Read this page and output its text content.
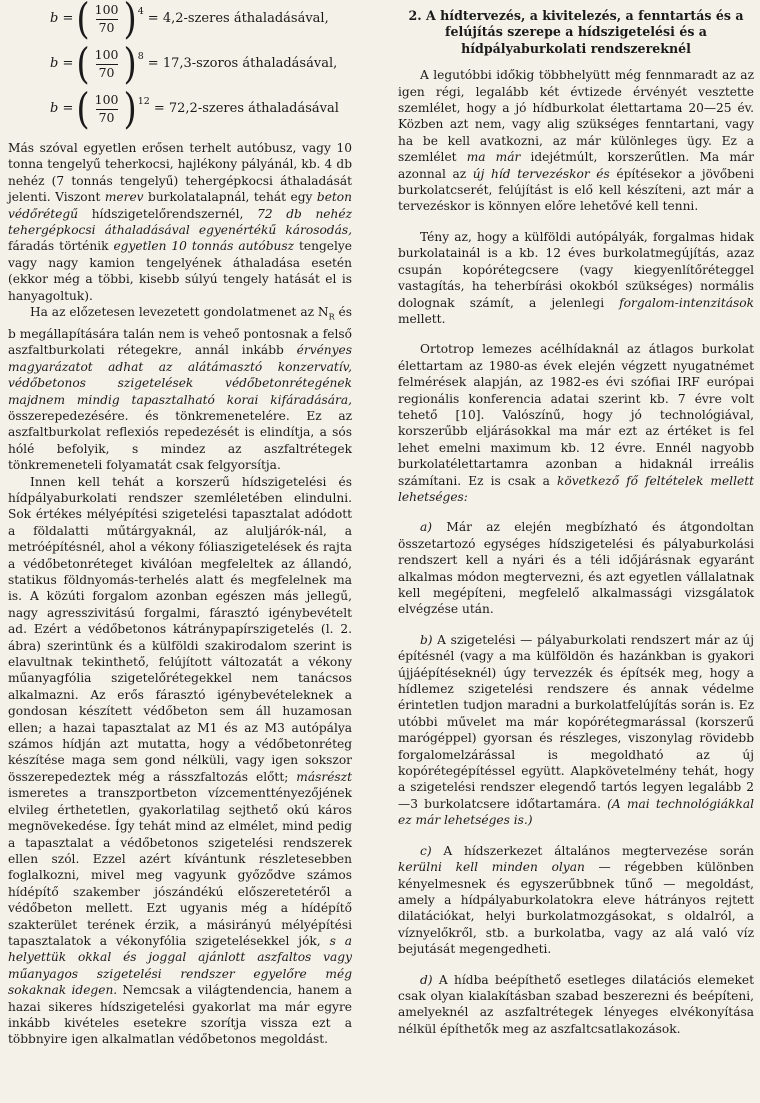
b = ( $\frac{100}{70}$ ) 4 = 4,2-szeres áthaladásával,
b = ( $\frac{100}{70}$ ) 8 = 17,3-szoros áthaladásával,
b = ( $\frac{100}{70}$ ) 12 = 72,2-szeres áthaladásával

Más szóval egyetlen erősen terhelt autóbusz, vagy 10 tonna tengelyű teherkocsi, hajlékony pályánál, kb. 4 db nehéz (7 tonnás tengelyű) tehergépkocsi áthaladását jelenti. Viszont merev burkolatalapnál, tehát egy beton védőrétegű hídszigetelőrendszernél, 72 db nehéz tehergépkocsi áthaladásával egyenértékű károsodás, fáradás történik egyetlen 10 tonnás autóbusz tengelye vagy nagy kamion tengelyének áthaladása esetén (ekkor még a többi, kisebb súlyú tengely hatását el is hanyagoltuk).

Ha az előzetesen levezetett gondolatmenet az $N_R$ és b megállapítására talán nem is veheő pontosnak a felső aszfaltburkolati rétegekre, annál inkább érvényes magyarázatot adhat az alátámasztó konzervatív, védőbetonos szigetelések védőbetonrétegének majdnem mindig tapasztalható korai kifáradására, összerepedezésére. és tönkremenetelére. Ez az aszfaltburkolat reflexiós repedezését is elindítja, a sós hólé befolyik, s mindez az aszfaltrétegek tönkremeneteli folyamatát csak felgyorsítja.

Innen kell tehát a korszerű hídszigetelési és hídpályaburkolati rendszer szemléletében elindulni. Sok értékes mélyépítési szigetelési tapasztalat adódott a földalatti műtárgyaknál, az aluljárók-nál, a metróépítésnél, ahol a vékony fóliaszigetelések és rajta a védőbetonréteget kiválóan megfeleltek az állandó, statikus földnyomás-terhelés alatt és megfelelnek ma is. A közúti forgalom azonban egészen más jellegű, nagy agresszivitású forgalmi, fárasztó igénybevételt ad. Ezért a védőbetonos kátránypapírszigetelés (l. 2. ábra) szerintünk és a külföldi szakirodalom szerint is elavultnak tekinthető, felújított változatát a vékony műanyagfólia szigetelőrétegekkel nem tanácsos alkalmazni. Az erős fárasztó igénybevételeknek a gondosan készített védőbeton sem áll huzamosan ellen; a hazai tapasztalat az M1 és az M3 autópálya számos hídján azt mutatta, hogy a védőbetonréteg készítése maga sem gond nélküli, vagy igen sokszor összerepedeztek még a rásszfaltozás előtt; másrészt ismeretes a transzportbeton vízcementtényezőjének elvileg érthetetlen, gyakorlatilag sejthető okú káros megnövekedése. Így tehát mind az elmélet, mind pedig a tapasztalat a védőbetonos szigetelési rendszerek ellen szól. Ezzel azért kívántunk részletesebben foglalkozni, mivel meg vagyunk győződve számos hídépítő szakember jószándékú előszeretetéről a védőbeton mellett. Ezt ugyanis még a hídépítő szakterület terének érzik, a másirányú mélyépítési tapasztalatok a vékonyfólia szigetelésekkel jók, s a helyettük okkal és joggal ajánlott aszfaltos vagy műanyagos szigetelési rendszer egyelőre még sokaknak idegen. Nemcsak a világtendencia, hanem a hazai sikeres hídszigetelési gyakorlat ma már egyre inkább kivételes esetekre szorítja vissza ezt a többnyire igen alkalmatlan védőbetonos megoldást.

2. A hídtervezés, a kivitelezés, a fenntartás és a felújítás szerepe a hídszigetelési és a hídpályaburkolati rendszereknél

A legutóbbi időkig többhelyütt még fennmaradt az az igen régi, legalább két évtizede érvényét vesztette szemlélet, hogy a jó hídburkolat élettartama 20—25 év. Közben azt nem, vagy alig szükséges fenntartani, vagy ha be kell avatkozni, az már különleges ügy. Ez a szemlélet ma már idejétmúlt, korszerűtlen. Ma már azonnal az új híd tervezéskor és építésekor a jövőbeni burkolatcserét, felújítást is elő kell készíteni, azt már a tervezéskor is könnyen előre lehetővé kell tenni.

Tény az, hogy a külföldi autópályák, forgalmas hidak burkolatainál is a kb. 12 éves burkolatmegújítás, azaz csupán kopórétegcsere (vagy kiegyenlítőréteggel vastagítás, ha teherbírási okokból szükséges) normális dolognak számít, a jelenlegi forgalom-intenzitások mellett.

Ortotrop lemezes acélhídaknál az átlagos burkolat élettartam az 1980-as évek elején végzett nyugatnémet felmérések alapján, az 1982-es évi szófiai IRF európai regionális konferencia adatai szerint kb. 7 évre volt tehető [10]. Valószínű, hogy jó technológiával, korszerűbb eljárásokkal ma már ezt az értéket is fel lehet emelni maximum kb. 12 évre. Ennél nagyobb burkolatélettartamra azonban a hidaknál irreális számítani. Ez is csak a következő fő feltételek mellett lehetséges:

a) Már az elején megbízható és átgondoltan összetartozó egységes hídszigetelési és pályaburkolási rendszert kell a nyári és a téli időjárásnak egyaránt alkalmas módon megtervezni, és azt egyetlen vállalatnak kell megépíteni, megfelelő alkalmassági vizsgálatok elvégzése után.

b) A szigetelési — pályaburkolati rendszert már az új építésnél (vagy a ma külföldön és hazánkban is gyakori újjáépítéseknél) úgy tervezzék és építsék meg, hogy a hídlemez szigetelési rendszere és annak védelme érintetlen tudjon maradni a burkolatfelújítás során is. Ez utóbbi művelet ma már kopórétegmarással (korszerű marógéppel) gyorsan és részleges, viszonylag rövidebb forgalomelzárással is megoldható az új kopórétegépítéssel együtt. Alapkövetelmény tehát, hogy a szigetelési rendszer elegendő tartós legyen legalább 2—3 burkolatcsere időtartamára. (A mai technológiákkal ez már lehetséges is.)

c) A hídszerkezet általános megtervezése során kerülni kell minden olyan — régebben különben kényelmesnek és egyszerűbbnek tűnő — megoldást, amely a hídpályaburkolatokra eleve hátrányos rejtett dilatációkat, helyi burkolatmozgásokat, s oldalról, a víznyelőkről, stb. a burkolatba, vagy az alá való víz bejutását megengedheti.

d) A hídba beépíthető esetleges dilatációs elemeket csak olyan kialakításban szabad beszerezni és beépíteni, amelyeknél az aszfaltrétegek lényeges elvékonyítása nélkül építhetők meg az aszfaltcsatlakozások.
